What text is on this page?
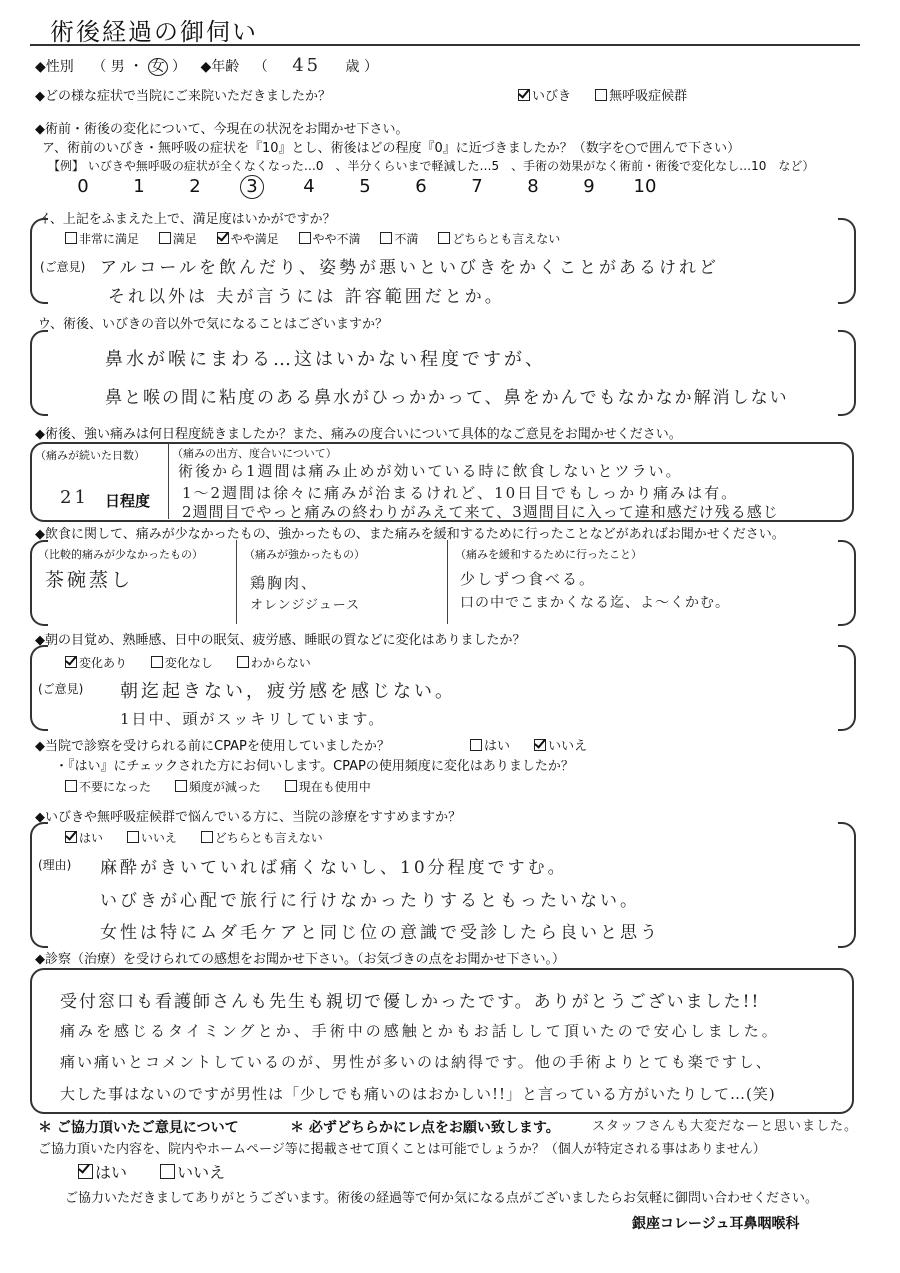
術後経過の御伺い
◆性別 （ 男 ・ 女 ） ◆年齢 （ 45 歳 ）
◆どの様な症状で当院にご来院いただきましたか？	いびき	無呼吸症候群
◆術前・術後の変化について、今現在の状況をお聞かせ下さい。
ア、術前のいびき・無呼吸の症状を『10』とし、術後はどの程度『0』に近づきましたか？（数字を○で囲んで下さい）
【例】 いびきや無呼吸の症状が全くなくなった…0　、半分くらいまで軽減した…5　、手術の効果がなく術前・術後で変化なし…10　など）
0 1 2	3	4 5 6 7 8 9 10
イ、上記をふまえた上で、満足度はいかがですか？
非常に満足	満足	やや満足	やや不満	不満	どちらとも言えない
(ご意見) アルコールを飲んだり、姿勢が悪いといびきをかくことがあるけれど
それ以外は 夫が言うには 許容範囲だとか。
ウ、術後、いびきの音以外で気になることはございますか？
鼻水が喉にまわる…这はいかない程度ですが、
鼻と喉の間に粘度のある鼻水がひっかかって、鼻をかんでもなかなか解消しない
◆術後、強い痛みは何日程度続きましたか？また、痛みの度合いについて具体的なご意見をお聞かせください。
（痛みが続いた日数）
21 日程度
（痛みの出方、度合いについて）
術後から1週間は痛み止めが効いている時に飲食しないとツラい。
1〜2週間は徐々に痛みが治まるけれど、10日目でもしっかり痛みは有。
2週間目でやっと痛みの終わりがみえて来て、3週間目に入って違和感だけ残る感じ
◆飲食に関して、痛みが少なかったもの、強かったもの、また痛みを緩和するために行ったことなどがあればお聞かせください。
（比較的痛みが少なかったもの）
茶碗蒸し
（痛みが強かったもの）
鶏胸肉、
オレンジジュース
（痛みを緩和するために行ったこと）
少しずつ食べる。
口の中でこまかくなる迄、よ〜くかむ。
◆朝の目覚め、熟睡感、日中の眠気、疲労感、睡眠の質などに変化はありましたか？
変化あり	変化なし	わからない
(ご意見) 朝迄起きない，疲労感を感じない。
1日中、頭がスッキリしています。
◆当院で診察を受けられる前にCPAPを使用していましたか？	はい	いいえ
・『はい』にチェックされた方にお伺いします。CPAPの使用頻度に変化はありましたか？
不要になった	頻度が減った	現在も使用中
◆いびきや無呼吸症候群で悩んでいる方に、当院の診療をすすめますか？
はい	いいえ	どちらとも言えない
(理由) 麻酔がきいていれば痛くないし、10分程度ですむ。
いびきが心配で旅行に行けなかったりするともったいない。
女性は特にムダ毛ケアと同じ位の意識で受診したら良いと思う
◆診察（治療）を受けられての感想をお聞かせ下さい。（お気づきの点をお聞かせ下さい。）
受付窓口も看護師さんも先生も親切で優しかったです。ありがとうございました!!
痛みを感じるタイミングとか、手術中の感触とかもお話しして頂いたので安心しました。
痛い痛いとコメントしているのが、男性が多いのは納得です。他の手術よりとても楽ですし、
大した事はないのですが男性は「少しでも痛いのはおかしい!!」と言っている方がいたりして…(笑)
＊ ご協力頂いたご意見について	＊ 必ずどちらかにレ点をお願い致します。 スタッフさんも大変だなーと思いました。
ご協力頂いた内容を、院内やホームページ等に掲載させて頂くことは可能でしょうか？（個人が特定される事はありません）
はい	いいえ
ご協力いただきましてありがとうございます。術後の経過等で何か気になる点がございましたらお気軽に御問い合わせください。
銀座コレージュ耳鼻咽喉科
